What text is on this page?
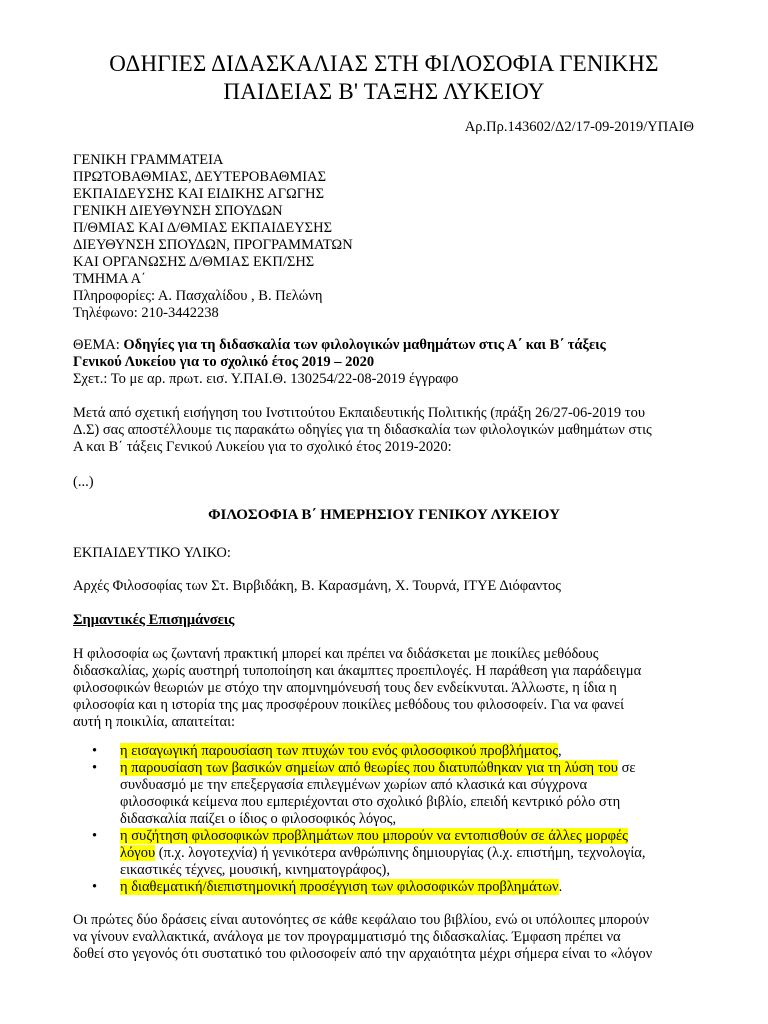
ΟΔΗΓΙΕΣ ΔΙΔΑΣΚΑΛΙΑΣ ΣΤΗ ΦΙΛΟΣΟΦΙΑ ΓΕΝΙΚΗΣ
ΠΑΙΔΕΙΑΣ Β' ΤΑΞΗΣ ΛΥΚΕΙΟΥ
Αρ.Πρ.143602/Δ2/17-09-2019/ΥΠΑΙΘ
ΓΕΝΙΚΗ ΓΡΑΜΜΑΤΕΙΑ
ΠΡΩΤΟΒΑΘΜΙΑΣ, ΔΕΥΤΕΡΟΒΑΘΜΙΑΣ
ΕΚΠΑΙΔΕΥΣΗΣ ΚΑΙ ΕΙΔΙΚΗΣ ΑΓΩΓΗΣ
ΓΕΝΙΚΗ ΔΙΕΥΘΥΝΣΗ ΣΠΟΥΔΩΝ
Π/ΘΜΙΑΣ ΚΑΙ Δ/ΘΜΙΑΣ ΕΚΠΑΙΔΕΥΣΗΣ
ΔΙΕΥΘΥΝΣΗ ΣΠΟΥΔΩΝ, ΠΡΟΓΡΑΜΜΑΤΩΝ
ΚΑΙ ΟΡΓΑΝΩΣΗΣ Δ/ΘΜΙΑΣ ΕΚΠ/ΣΗΣ
ΤΜΗΜΑ Α΄
Πληροφορίες: Α. Πασχαλίδου , Β. Πελώνη
Τηλέφωνο: 210-3442238
ΘΕΜΑ: Οδηγίες για τη διδασκαλία των φιλολογικών μαθημάτων στις Α΄ και Β΄ τάξεις
Γενικού Λυκείου για το σχολικό έτος 2019 – 2020
Σχετ.: Το με αρ. πρωτ. εισ. Υ.ΠΑΙ.Θ. 130254/22-08-2019 έγγραφο
Μετά από σχετική εισήγηση του Ινστιτούτου Εκπαιδευτικής Πολιτικής (πράξη 26/27-06-2019 του
Δ.Σ) σας αποστέλλουμε τις παρακάτω οδηγίες για τη διδασκαλία των φιλολογικών μαθημάτων στις
Α και Β΄ τάξεις Γενικού Λυκείου για το σχολικό έτος 2019-2020:
(...)
ΦΙΛΟΣΟΦΙΑ Β΄ ΗΜΕΡΗΣΙΟΥ ΓΕΝΙΚΟΥ ΛΥΚΕΙΟΥ
ΕΚΠΑΙΔΕΥΤΙΚΟ ΥΛΙΚΟ:
Αρχές Φιλοσοφίας των Στ. Βιρβιδάκη, Β. Καρασμάνη, Χ. Τουρνά, ΙΤΥΕ Διόφαντος
Σημαντικές Επισημάνσεις
Η φιλοσοφία ως ζωντανή πρακτική μπορεί και πρέπει να διδάσκεται με ποικίλες μεθόδους
διδασκαλίας, χωρίς αυστηρή τυποποίηση και άκαμπτες προεπιλογές. Η παράθεση για παράδειγμα
φιλοσοφικών θεωριών με στόχο την απομνημόνευσή τους δεν ενδείκνυται. Άλλωστε, η ίδια η
φιλοσοφία και η ιστορία της μας προσφέρουν ποικίλες μεθόδους του φιλοσοφείν. Για να φανεί
αυτή η ποικιλία, απαιτείται:
• η εισαγωγική παρουσίαση των πτυχών του ενός φιλοσοφικού προβλήματος,
• η παρουσίαση των βασικών σημείων από θεωρίες που διατυπώθηκαν για τη λύση του σε
συνδυασμό με την επεξεργασία επιλεγμένων χωρίων από κλασικά και σύγχρονα
φιλοσοφικά κείμενα που εμπεριέχονται στο σχολικό βιβλίο, επειδή κεντρικό ρόλο στη
διδασκαλία παίζει ο ίδιος ο φιλοσοφικός λόγος,
• η συζήτηση φιλοσοφικών προβλημάτων που μπορούν να εντοπισθούν σε άλλες μορφές
λόγου (π.χ. λογοτεχνία) ή γενικότερα ανθρώπινης δημιουργίας (λ.χ. επιστήμη, τεχνολογία,
εικαστικές τέχνες, μουσική, κινηματογράφος),
• η διαθεματική/διεπιστημονική προσέγγιση των φιλοσοφικών προβλημάτων.
Οι πρώτες δύο δράσεις είναι αυτονόητες σε κάθε κεφάλαιο του βιβλίου, ενώ οι υπόλοιπες μπορούν
να γίνουν εναλλακτικά, ανάλογα με τον προγραμματισμό της διδασκαλίας. Έμφαση πρέπει να
δοθεί στο γεγονός ότι συστατικό του φιλοσοφείν από την αρχαιότητα μέχρι σήμερα είναι το «λόγον
